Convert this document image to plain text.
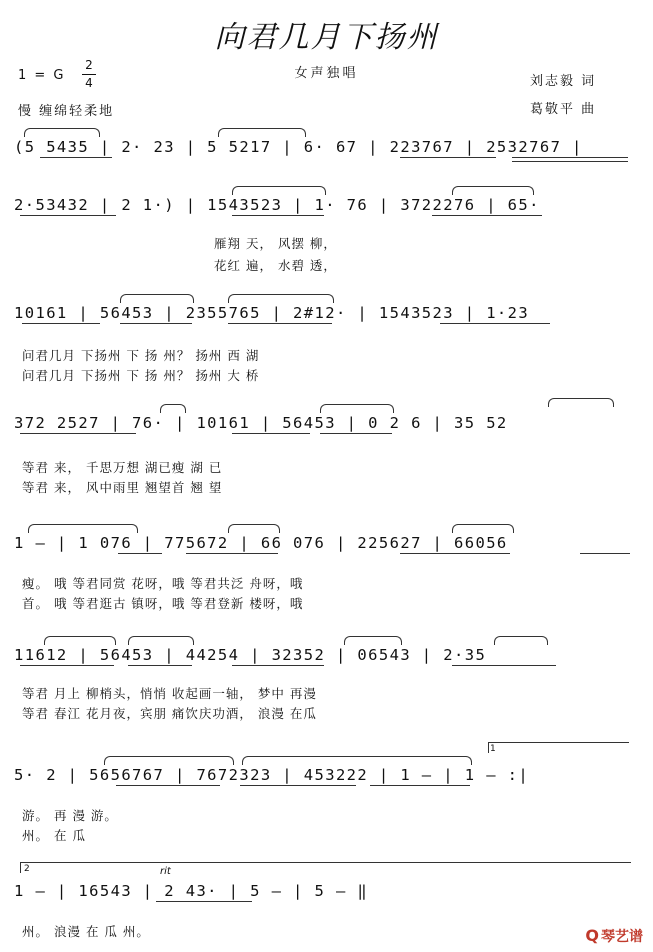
向君几月下扬州
女声独唱
1 = G
2
4
慢 缠绵轻柔地
刘志毅 词
葛敬平 曲
(5 5435 | 2· 23 | 5 5217 | 6· 67 | 223767 | 2532767 |
2·53432 | 2 1·) | 1543523 | 1· 76 | 3722276 | 65·
雁翔 天， 风摆 柳，
花红 遍， 水碧 透，
10161 | 56453 | 2355765 | 2#12· | 1543523 | 1·23
问君几月 下扬州 下 扬 州？ 扬州 西 湖
问君几月 下扬州 下 扬 州？ 扬州 大 桥
372 2527 | 76· | 10161 | 56453 | 0 2 6 | 35 52
等君 来， 千思万想 湖已瘦 湖 已
等君 来， 风中雨里 翘望首 翘 望
1 — | 1 076 | 775672 | 66 076 | 225627 | 66056
瘦。 哦 等君同赏 花呀，哦 等君共泛 舟呀，哦
首。 哦 等君逛古 镇呀，哦 等君登新 楼呀，哦
11612 | 56453 | 44254 | 32352 | 06543 | 2·35
等君 月上 柳梢头，悄悄 收起画一轴， 梦中 再漫
等君 春江 花月夜，宾朋 痛饮庆功酒， 浪漫 在瓜
1
5· 2 | 5656767 | 7672323 | 453222 | 1 — | 1 — :|
游。 再 漫 游。
州。 在 瓜
2	rit
1 — | 16543 | 2 43· | 5 — | 5 — ‖
州。 浪漫 在 瓜 州。	Q 琴艺谱
